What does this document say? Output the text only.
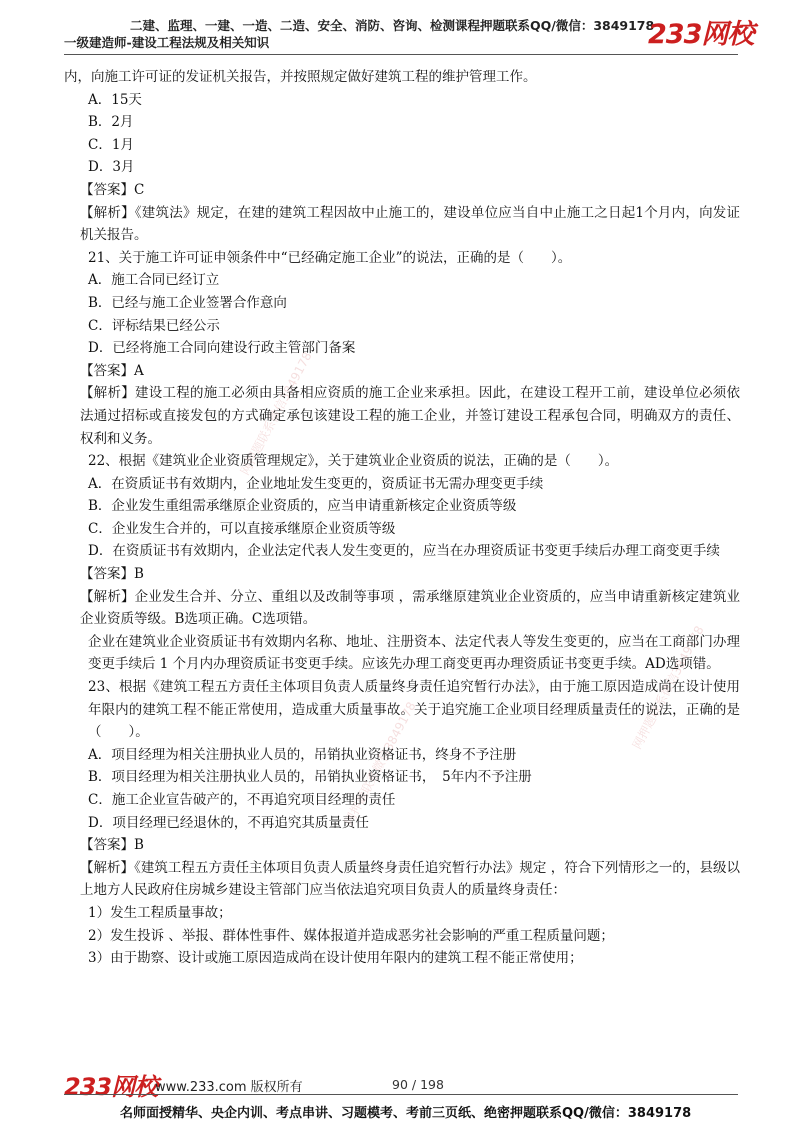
二建、监理、一建、一造、二造、安全、消防、咨询、检测课程押题联系QQ/微信：3849178
一级建造师-建设工程法规及相关知识	233网校
网押题联系微信3849178
网押题联系微信3849178
网押题联系微信3849178
内，向施工许可证的发证机关报告，并按照规定做好建筑工程的维护管理工作。
A．15天
B．2月
C．1月
D．3月
【答案】C
【解析】《建筑法》规定，在建的建筑工程因故中止施工的，建设单位应当自中止施工之日起1个月内，向发证机关报告。
21、关于施工许可证申领条件中“已经确定施工企业”的说法，正确的是（　　）。
A．施工合同已经订立
B．已经与施工企业签署合作意向
C．评标结果已经公示
D．已经将施工合同向建设行政主管部门备案
【答案】A
【解析】建设工程的施工必须由具备相应资质的施工企业来承担。因此，在建设工程开工前，建设单位必须依法通过招标或直接发包的方式确定承包该建设工程的施工企业，并签订建设工程承包合同，明确双方的责任、权利和义务。
22、根据《建筑业企业资质管理规定》，关于建筑业企业资质的说法，正确的是（　　）。
A．在资质证书有效期内，企业地址发生变更的，资质证书无需办理变更手续
B．企业发生重组需承继原企业资质的，应当申请重新核定企业资质等级
C．企业发生合并的，可以直接承继原企业资质等级
D．在资质证书有效期内，企业法定代表人发生变更的，应当在办理资质证书变更手续后办理工商变更手续
【答案】B
【解析】企业发生合并、分立、重组以及改制等事项 ，需承继原建筑业企业资质的，应当申请重新核定建筑业企业资质等级。B选项正确。C选项错。
企业在建筑业企业资质证书有效期内名称、地址、注册资本、法定代表人等发生变更的，应当在工商部门办理变更手续后 1 个月内办理资质证书变更手续。应该先办理工商变更再办理资质证书变更手续。AD选项错。
23、根据《建筑工程五方责任主体项目负责人质量终身责任追究暂行办法》，由于施工原因造成尚在设计使用年限内的建筑工程不能正常使用，造成重大质量事故。关于追究施工企业项目经理质量责任的说法，正确的是（　　）。
A．项目经理为相关注册执业人员的，吊销执业资格证书，终身不予注册
B．项目经理为相关注册执业人员的，吊销执业资格证书，　5年内不予注册
C．施工企业宣告破产的，不再追究项目经理的责任
D．项目经理已经退休的，不再追究其质量责任
【答案】B
【解析】《建筑工程五方责任主体项目负责人质量终身责任追究暂行办法》规定 ，符合下列情形之一的，县级以上地方人民政府住房城乡建设主管部门应当依法追究项目负责人的质量终身责任：
1）发生工程质量事故；
2）发生投诉 、举报、群体性事件、媒体报道并造成恶劣社会影响的严重工程质量问题；
3）由于勘察、设计或施工原因造成尚在设计使用年限内的建筑工程不能正常使用；
233网校
www.233.com 版权所有	90 / 198
名师面授精华、央企内训、考点串讲、习题模考、考前三页纸、绝密押题联系QQ/微信：3849178
